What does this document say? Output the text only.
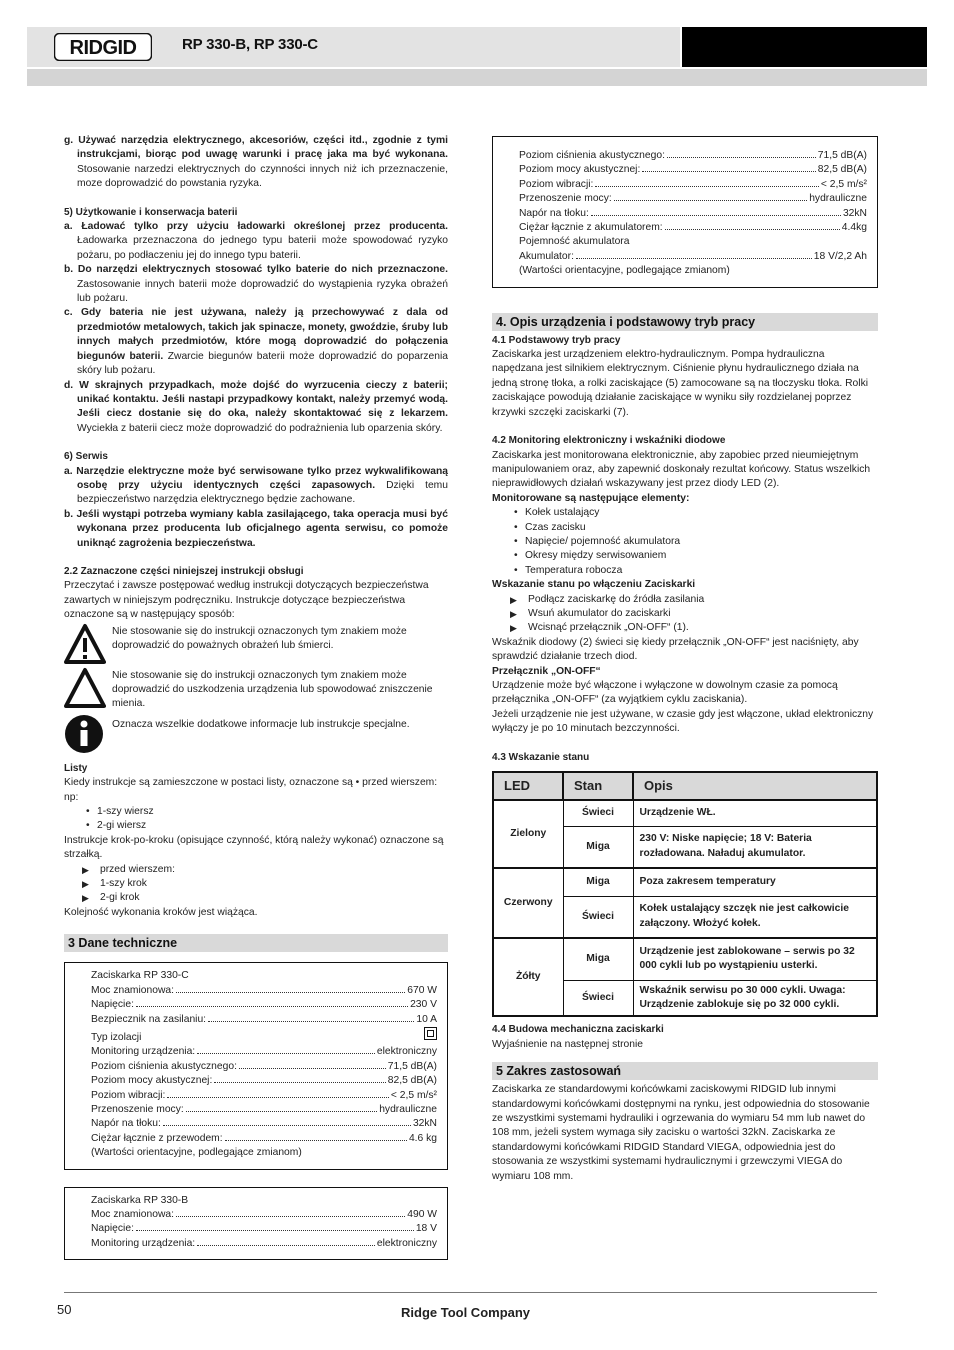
RIDGID	RP 330-B, RP 330-C
g. Używać narzędzia elektrycznego, akcesoriów, części itd., zgodnie z tymi instrukcjami, biorąc pod uwagę warunki i pracę jaka ma być wykonana. Stosowanie narzedzi elektrycznych do czynności innych niż ich przeznaczenie, moze doprowadzić do powstania ryzyka.
5) Użytkowanie i konserwacja baterii
a. Ładować tylko przy użyciu ładowarki określonej przez producenta. Ładowarka przeznaczona do jednego typu baterii może spowodować ryzyko pożaru, po podłaczeniu jej do innego typu baterii.
b. Do narzędzi elektrycznych stosować tylko baterie do nich przeznaczone. Zastosowanie innych baterii może doprowadzić do wystąpienia ryzyka obrażeń lub pożaru.
c. Gdy bateria nie jest używana, należy ją przechowywać z dala od przedmiotów metalowych, takich jak spinacze, monety, gwoździe, śruby lub innych małych przedmiotów, które mogą doprowadzić do połączenia biegunów baterii. Zwarcie biegunów baterii może doprowadzić do poparzenia skóry lub pożaru.
d. W skrajnych przypadkach, może dojść do wyrzucenia cieczy z baterii; unikać kontaktu. Jeśli nastapi przypadkowy kontakt, należy przemyć wodą. Jeśli ciecz dostanie się do oka, należy skontaktować się z lekarzem. Wyciekła z baterii ciecz może doprowadzić do podrażnienia lub oparzenia skóry.
6) Serwis
a. Narzędzie elektryczne może być serwisowane tylko przez wykwalifikowaną osobę przy użyciu identycznych części zapasowych. Dzięki temu bezpieczeństwo narzędzia elektrycznego będzie zachowane.
b. Jeśli wystąpi potrzeba wymiany kabla zasilającego, taka operacja musi być wykonana przez producenta lub oficjalnego agenta serwisu, co pomoże uniknąć zagrożenia bezpieczeństwa.
2.2 Zaznaczone części niniejszej instrukcji obsługi
Przeczytać i zawsze postępować według instrukcji dotyczących bezpieczeństwa zawartych w niniejszym podręczniku. Instrukcje dotyczące bezpieczeństwa oznaczone są w następujący sposób:
Nie stosowanie się do instrukcji oznaczonych tym znakiem może doprowadzić do poważnych obrażeń lub śmierci.
Nie stosowanie się do instrukcji oznaczonych tym znakiem może doprowadzić do uszkodzenia urządzenia lub spowodować zniszczenie mienia.
Oznacza wszelkie dodatkowe informacje lub instrukcje specjalne.
Listy
Kiedy instrukcje są zamieszczone w postaci listy, oznaczone są • przed wierszem: np:
• 1-szy wiersz
• 2-gi wiersz
Instrukcje krok-po-kroku (opisujące czynność, którą należy wykonać) oznaczone są strzałką.
▶ przed wierszem:
▶ 1-szy krok
▶ 2-gi krok
Kolejność wykonania kroków jest wiążąca.
3 Dane techniczne
Zaciskarka RP 330-C
Moc znamionowa:	670 W
Napięcie:	230 V
Bezpiecznik na zasilaniu:	10 A
Typ izolacji
Monitoring urządzenia:	elektroniczny
Poziom ciśnienia akustycznego:	71,5 dB(A)
Poziom mocy akustycznej:	82,5 dB(A)
Poziom wibracji:	< 2,5 m/s²
Przenoszenie mocy:	hydrauliczne
Napór na tłoku:	32kN
Ciężar łącznie z przewodem:	4.6 kg
(Wartości orientacyjne, podlegające zmianom)
Zaciskarka RP 330-B
Moc znamionowa:	490 W
Napięcie:	18 V
Monitoring urządzenia:	elektroniczny
Poziom ciśnienia akustycznego:	71,5 dB(A)
Poziom mocy akustycznej:	82,5 dB(A)
Poziom wibracji:	< 2,5 m/s²
Przenoszenie mocy:	hydrauliczne
Napór na tłoku:	32kN
Ciężar łącznie z akumulatorem:	4.4kg
Pojemność akumulatora
Akumulator:	18 V/2,2 Ah
(Wartości orientacyjne, podlegające zmianom)
4. Opis urządzenia i podstawowy tryb pracy
4.1 Podstawowy tryb pracy
Zaciskarka jest urządzeniem elektro-hydraulicznym. Pompa hydrauliczna napędzana jest silnikiem elektrycznym. Ciśnienie płynu hydraulicznego działa na jedną stronę tłoka, a rolki zaciskające (5) zamocowane są na tłoczysku tłoka. Rolki zaciskające powodują działanie zaciskające w wyniku siły rozdzielanej poprzez krzywki szczęki zaciskarki (7).
4.2 Monitoring elektroniczny i wskaźniki diodowe
Zaciskarka jest monitorowana elektronicznie, aby zapobiec przed nieumiejętnym manipulowaniem oraz, aby zapewnić doskonały rezultat końcowy. Status wszelkich nieprawidłowych działań wskazywany jest przez diody LED (2).
Monitorowane są następujące elementy:
• Kołek ustalający
• Czas zacisku
• Napięcie/ pojemność akumulatora
• Okresy między serwisowaniem
• Temperatura robocza
Wskazanie stanu po włączeniu Zaciskarki
▶ Podłącz zaciskarkę do źródła zasilania
▶ Wsuń akumulator do zaciskarki
▶ Wcisnąć przełącznik „ON-OFF“ (1).
Wskaźnik diodowy (2) świeci się kiedy przełącznik „ON-OFF“ jest naciśnięty, aby sprawdzić działanie trzech diod.
Przełącznik „ON-OFF“
Urządzenie może być włączone i wyłączone w dowolnym czasie za pomocą przełącznika „ON-OFF“ (za wyjątkiem cyklu zaciskania).
Jeżeli urządzenie nie jest używane, w czasie gdy jest włączone, układ elektroniczny wyłączy je po 10 minutach bezczynności.
4.3 Wskazanie stanu
LED	Stan	Opis
Zielony	Świeci	Urządzenie WŁ.
	Miga	230 V: Niske napięcie; 18 V: Bateria rozładowana. Naładuj akumulator.
Czerwony	Miga	Poza zakresem temperatury
	Świeci	Kołek ustalający szczęk nie jest całkowicie załączony. Włożyć kołek.
Żółty	Miga	Urządzenie jest zablokowane – serwis po 32 000 cykli lub po wystąpieniu usterki.
	Świeci	Wskaźnik serwisu po 30 000 cykli. Uwaga: Urządzenie zablokuje się po 32 000 cykli.
4.4 Budowa mechaniczna zaciskarki
Wyjaśnienie na następnej stronie
5 Zakres zastosowań
Zaciskarka ze standardowymi końcówkami zaciskowymi RIDGID lub innymi standardowymi końcówkami dostępnymi na rynku, jest odpowiednia do stosowanie ze wszystkimi systemami hydrauliki i ogrzewania do wymiaru 54 mm lub nawet do 108 mm, jeżeli system wymaga siły zacisku o wartości 32kN. Zaciskarka ze standardowymi końcówkami RIDGID Standard VIEGA, odpowiednia jest do stosowania ze wszystkimi systemami hydraulicznymi i grzewczymi VIEGA do wymiaru 108 mm.
50	Ridge Tool Company
